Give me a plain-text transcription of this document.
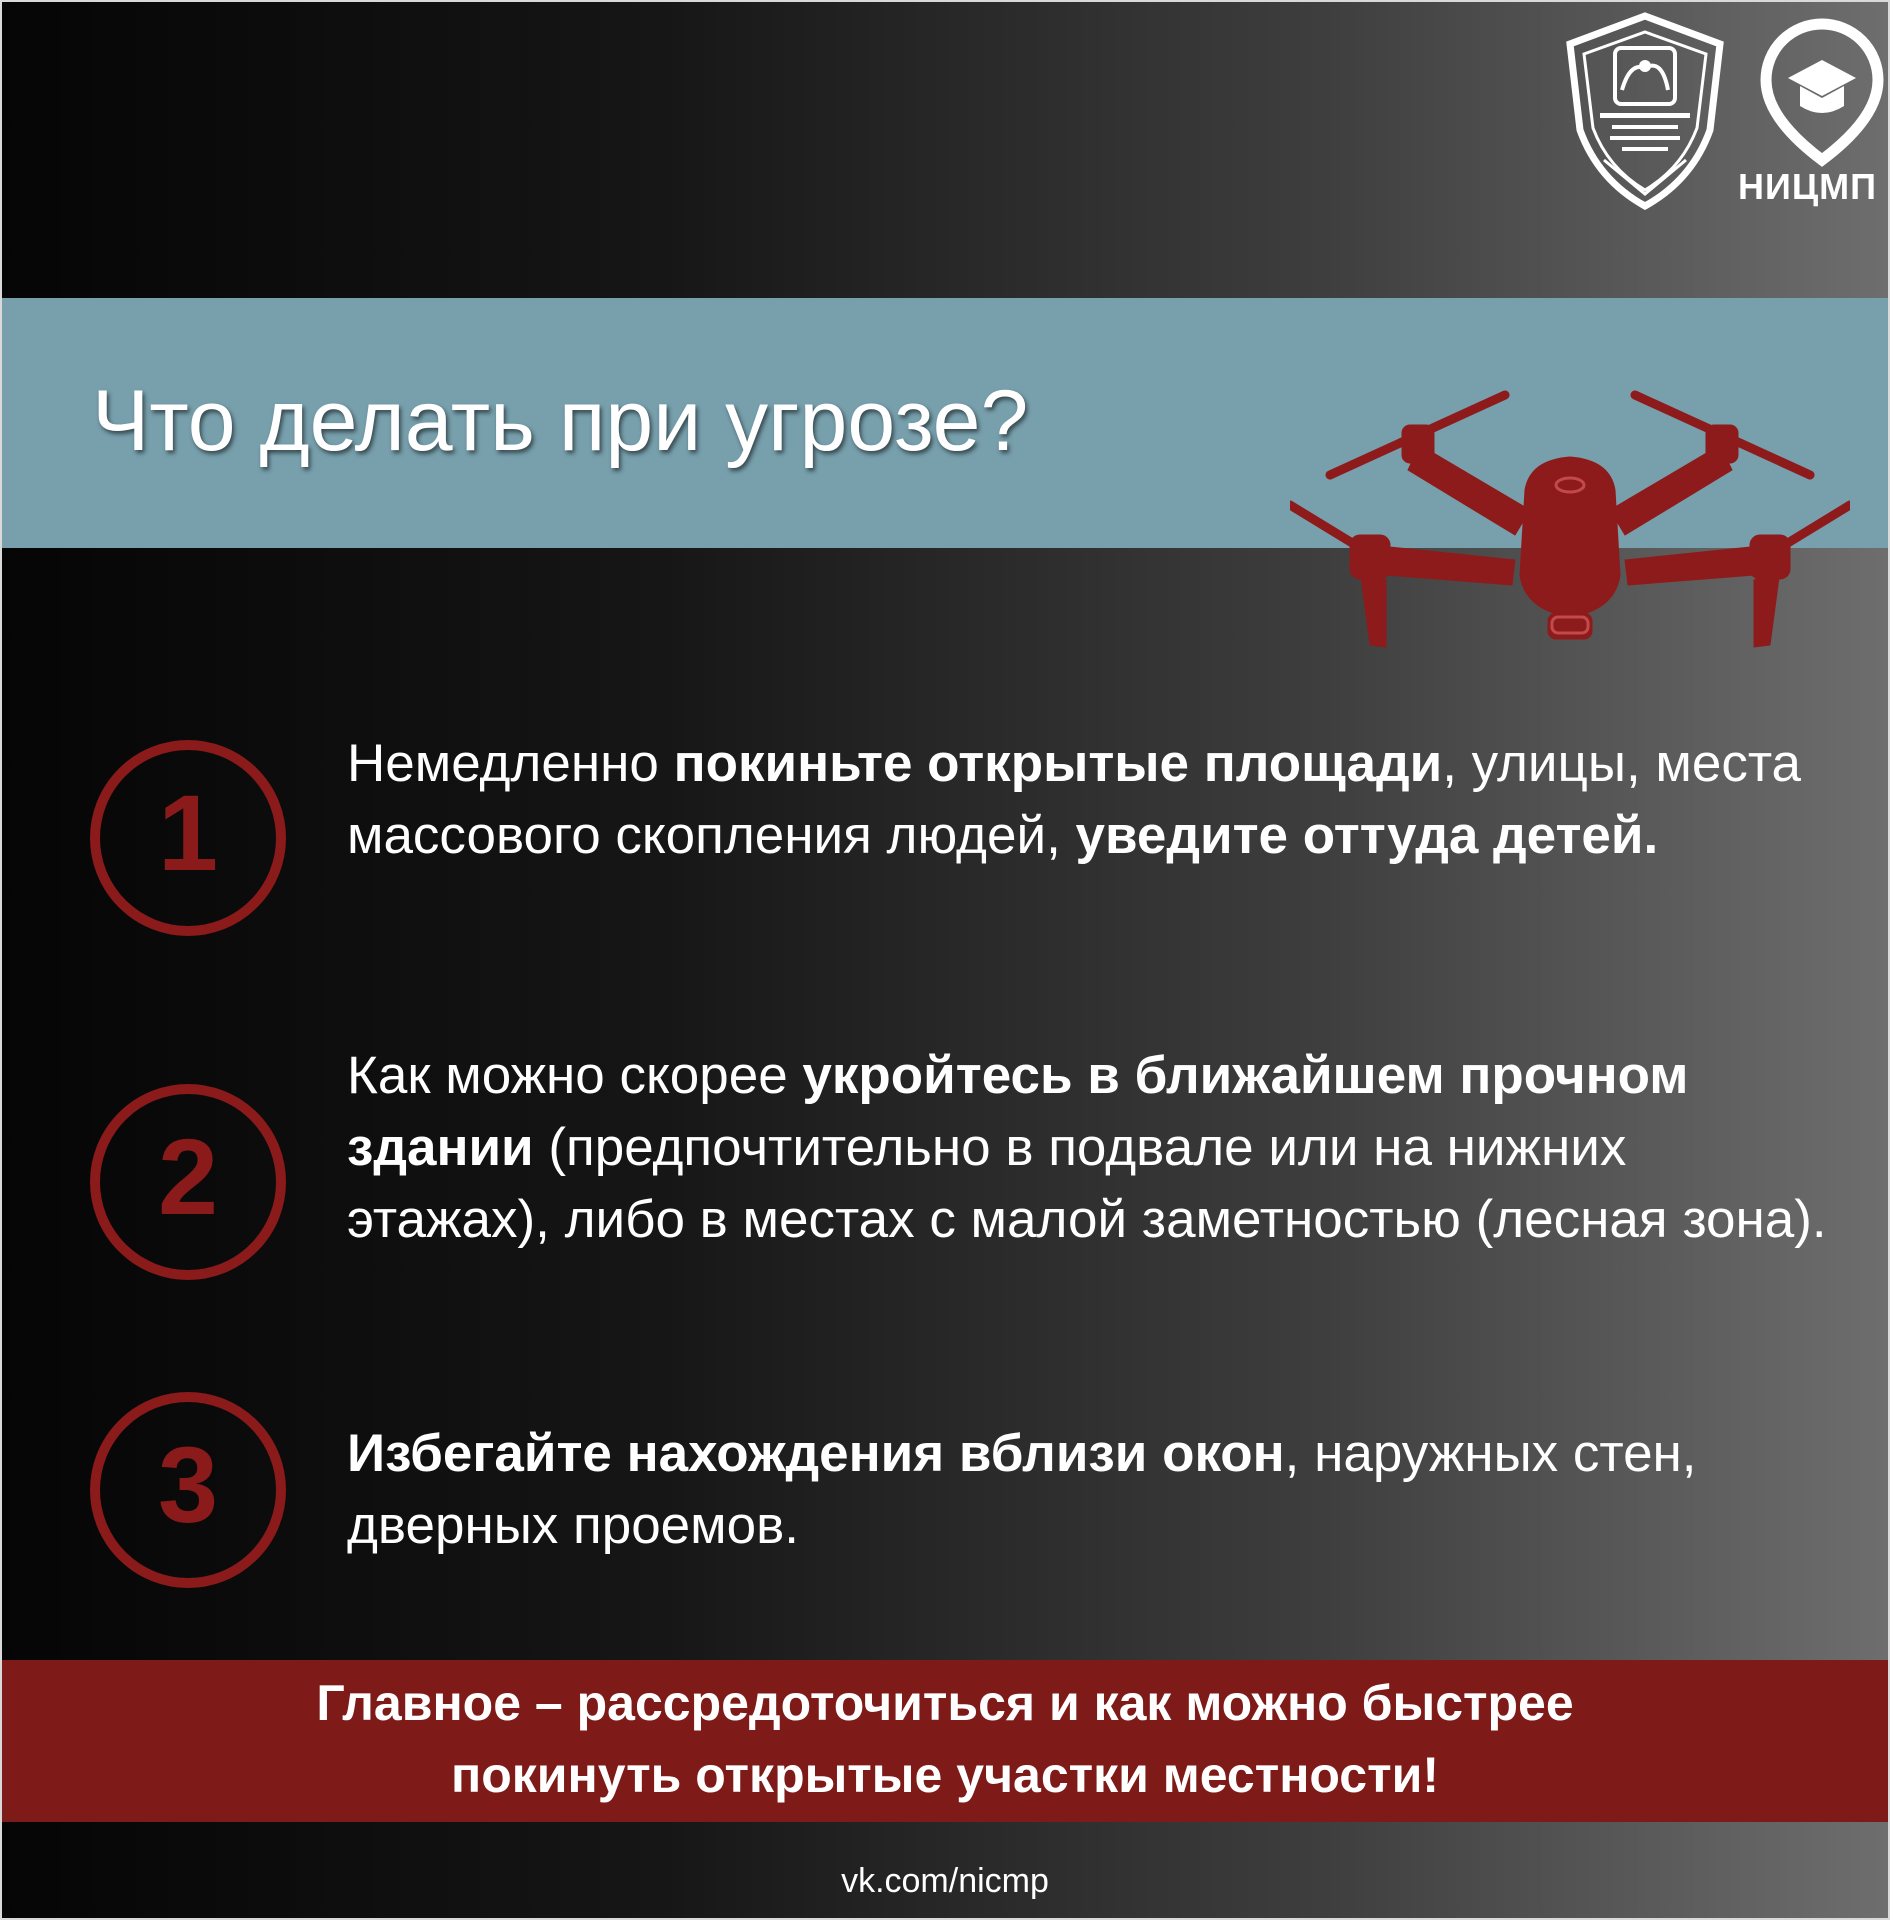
НИЦМП
Что делать при угрозе?
1
Немедленно покиньте открытые площади, улицы, места массового скопления людей, уведите оттуда детей.
2
Как можно скорее укройтесь в ближайшем прочном здании (предпочтительно в подвале или на нижних этажах), либо в местах с малой заметностью (лесная зона).
3	Избегайте нахождения вблизи окон, наружных стен, дверных проемов.
Главное – рассредоточиться и как можно быстрее
покинуть открытые участки местности!
vk.com/nicmp
